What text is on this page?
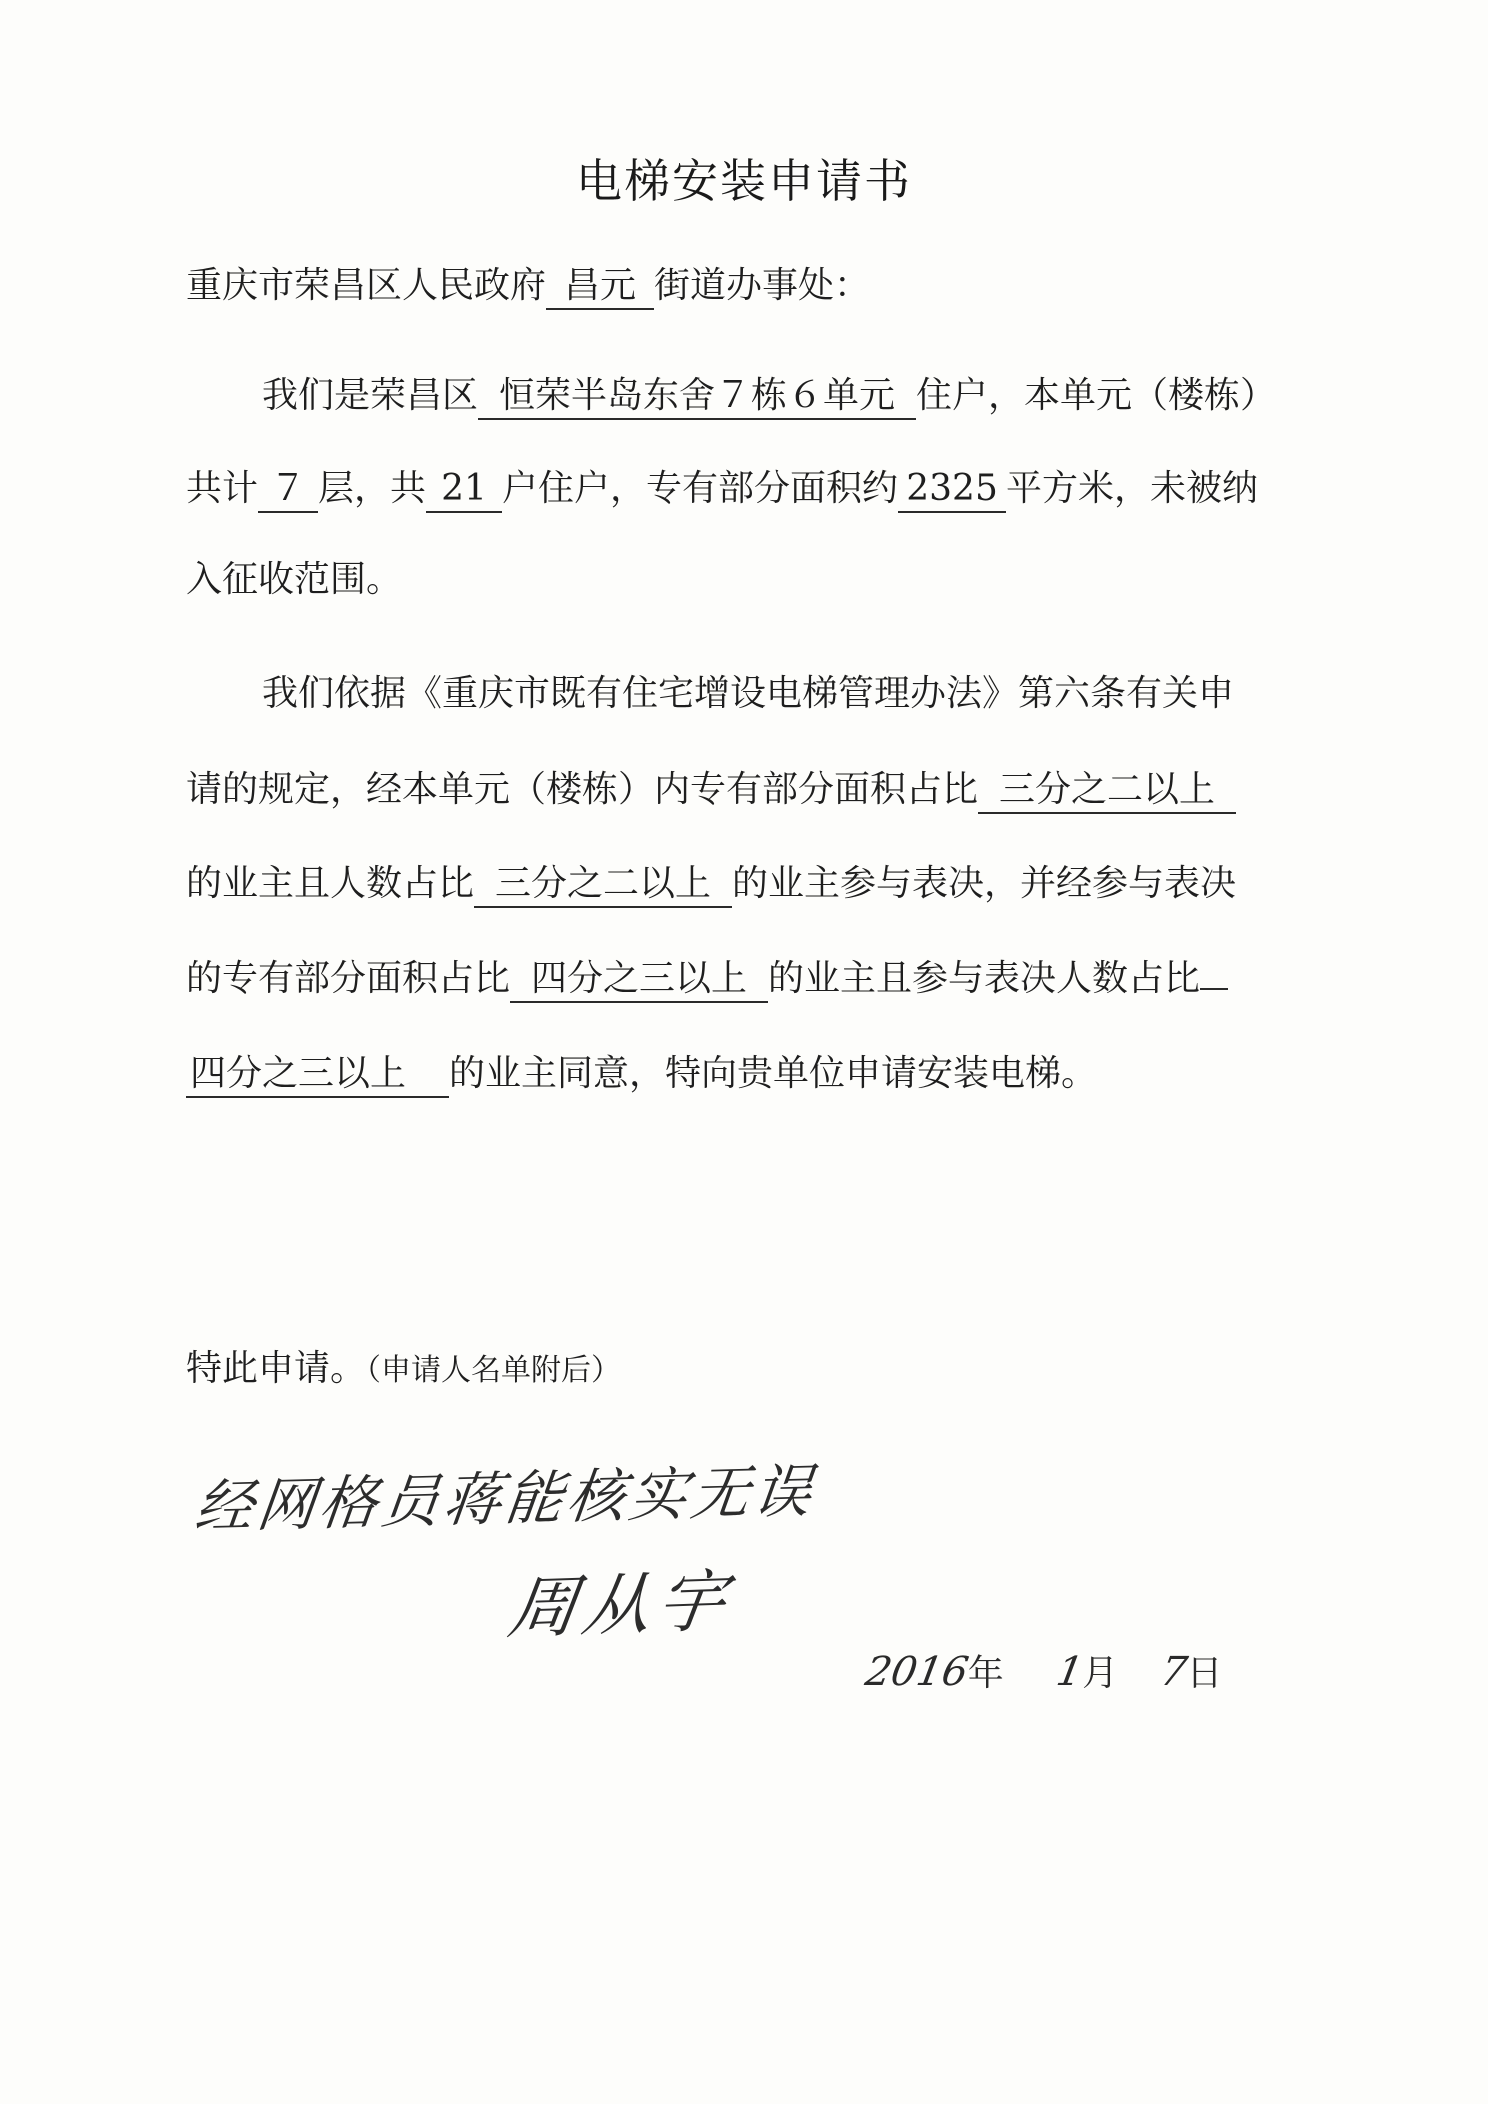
电梯安装申请书
重庆市荣昌区人民政府 昌元 街道办事处：
我们是荣昌区 恒荣半岛东舍７栋６单元 住户，本单元（楼栋）
共计 ７ 层，共 21 户住户，专有部分面积约 2325 平方米，未被纳
入征收范围。
我们依据《重庆市既有住宅增设电梯管理办法》第六条有关申
请的规定，经本单元（楼栋）内专有部分面积占比 三分之二以上
的业主且人数占比 三分之二以上 的业主参与表决，并经参与表决
的专有部分面积占比 四分之三以上 的业主且参与表决人数占比
四分之三以上 的业主同意，特向贵单位申请安装电梯。
特此申请。（申请人名单附后）
经网格员蒋能核实无误
周从宇
2016年 1月 7日
